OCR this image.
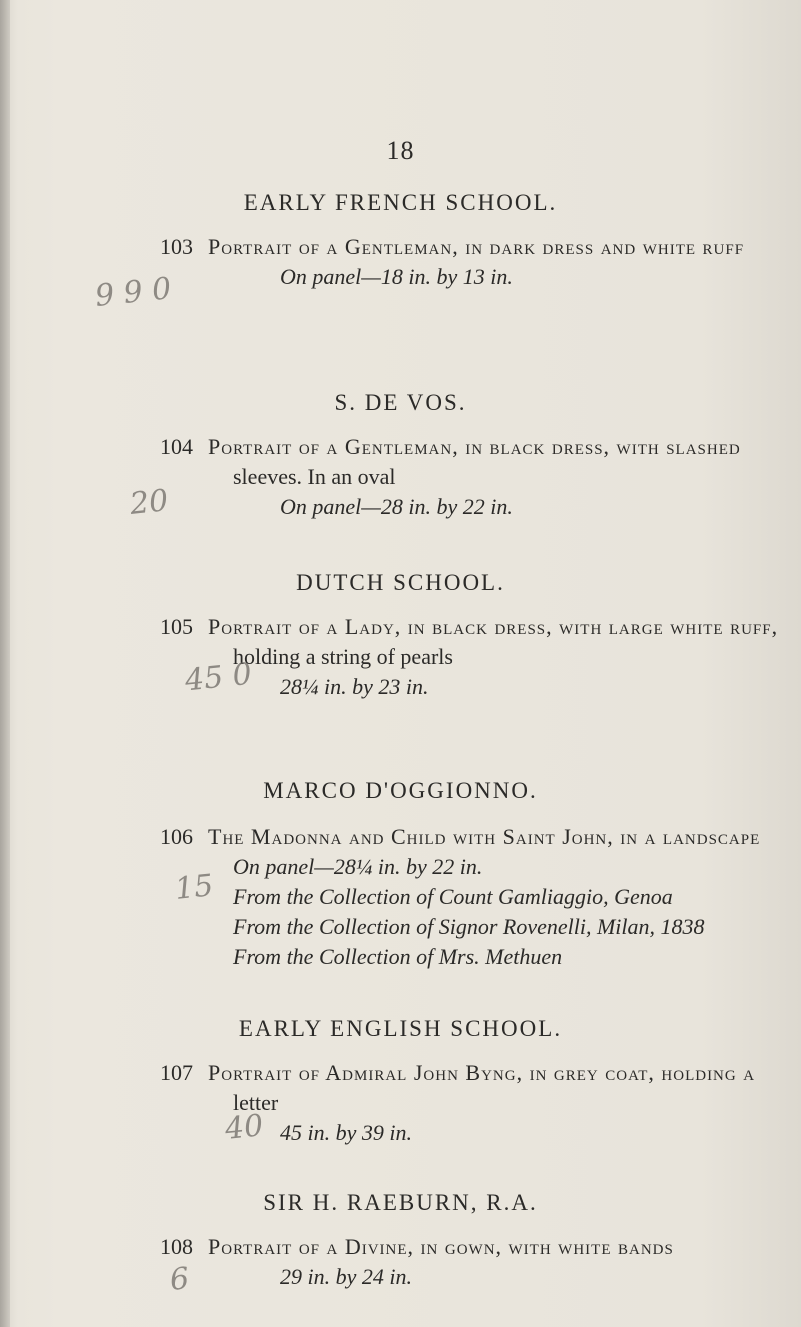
18
EARLY FRENCH SCHOOL.
103 Portrait of a Gentleman, in dark dress and white ruff
On panel—18 in. by 13 in.
9 9 0
S. DE VOS.
104 Portrait of a Gentleman, in black dress, with slashed
sleeves. In an oval
On panel—28 in. by 22 in.
20
DUTCH SCHOOL.
105 Portrait of a Lady, in black dress, with large white ruff,
holding a string of pearls
28¼ in. by 23 in.
45 0
MARCO D'OGGIONNO.
106 The Madonna and Child with Saint John, in a landscape
On panel—28¼ in. by 22 in.
From the Collection of Count Gamliaggio, Genoa
From the Collection of Signor Rovenelli, Milan, 1838
From the Collection of Mrs. Methuen
15
EARLY ENGLISH SCHOOL.
107 Portrait of Admiral John Byng, in grey coat, holding a
letter
45 in. by 39 in.
40
SIR H. RAEBURN, R.A.
108 Portrait of a Divine, in gown, with white bands
29 in. by 24 in.
6
